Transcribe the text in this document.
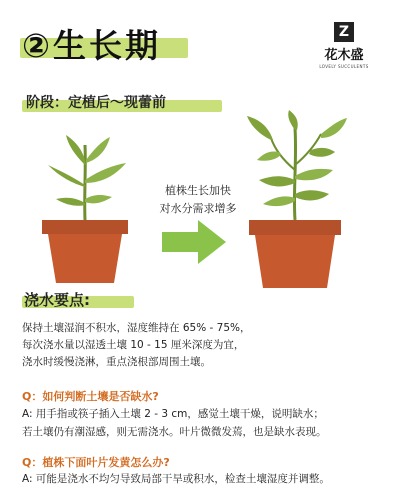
②生长期	Z
花木盛
LOVELY SUCCULENTS
阶段：定植后～现蕾前
植株生长加快
对水分需求增多
浇水要点:
保持土壤湿润不积水，湿度维持在 65% - 75%，
每次浇水量以湿透土壤 10 - 15 厘米深度为宜，
浇水时缓慢浇淋，重点浇根部周围土壤。
Q：如何判断土壤是否缺水?
A: 用手指或筷子插入土壤 2 - 3 cm，感觉土壤干燥，说明缺水；
若土壤仍有潮湿感，则无需浇水。叶片微微发蔫，也是缺水表现。
Q：植株下面叶片发黄怎么办?
A: 可能是浇水不均匀导致局部干旱或积水，检查土壤湿度并调整。
